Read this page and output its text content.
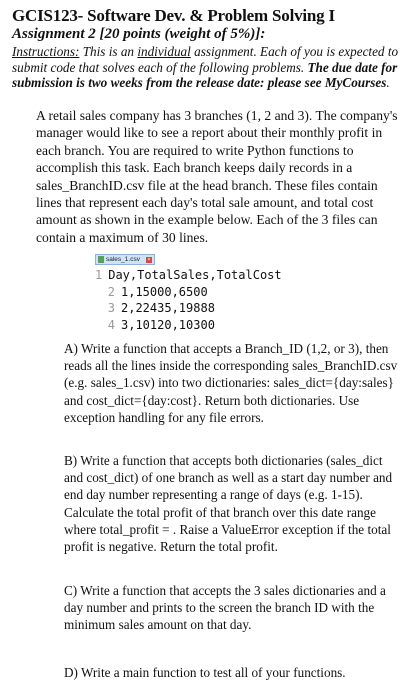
GCIS123- Software Dev. & Problem Solving I
Assignment 2 [20 points (weight of 5%)]:
Instructions: This is an individual assignment. Each of you is expected to submit code that solves each of the following problems. The due date for submission is two weeks from the release date: please see MyCourses.
A retail sales company has 3 branches (1, 2 and 3). The company's manager would like to see a report about their monthly profit in each branch. You are required to write Python functions to accomplish this task. Each branch keeps daily records in a sales_BranchID.csv file at the head branch. These files contain lines that represent each day's total sale amount, and total cost amount as shown in the example below. Each of the 3 files can contain a maximum of 30 lines.
sales_1.csv	×
1 Day,TotalSales,TotalCost
2 1,15000,6500
3 2,22435,19888
4 3,10120,10300
A) Write a function that accepts a Branch_ID (1,2, or 3), then reads all the lines inside the corresponding sales_BranchID.csv (e.g. sales_1.csv) into two dictionaries: sales_dict={day:sales} and cost_dict={day:cost}. Return both dictionaries. Use exception handling for any file errors.
B) Write a function that accepts both dictionaries (sales_dict and cost_dict) of one branch as well as a start day number and end day number representing a range of days (e.g. 1-15). Calculate the total profit of that branch over this date range where total_profit = . Raise a ValueError exception if the total profit is negative. Return the total profit.
C) Write a function that accepts the 3 sales dictionaries and a day number and prints to the screen the branch ID with the minimum sales amount on that day.
D) Write a main function to test all of your functions.
